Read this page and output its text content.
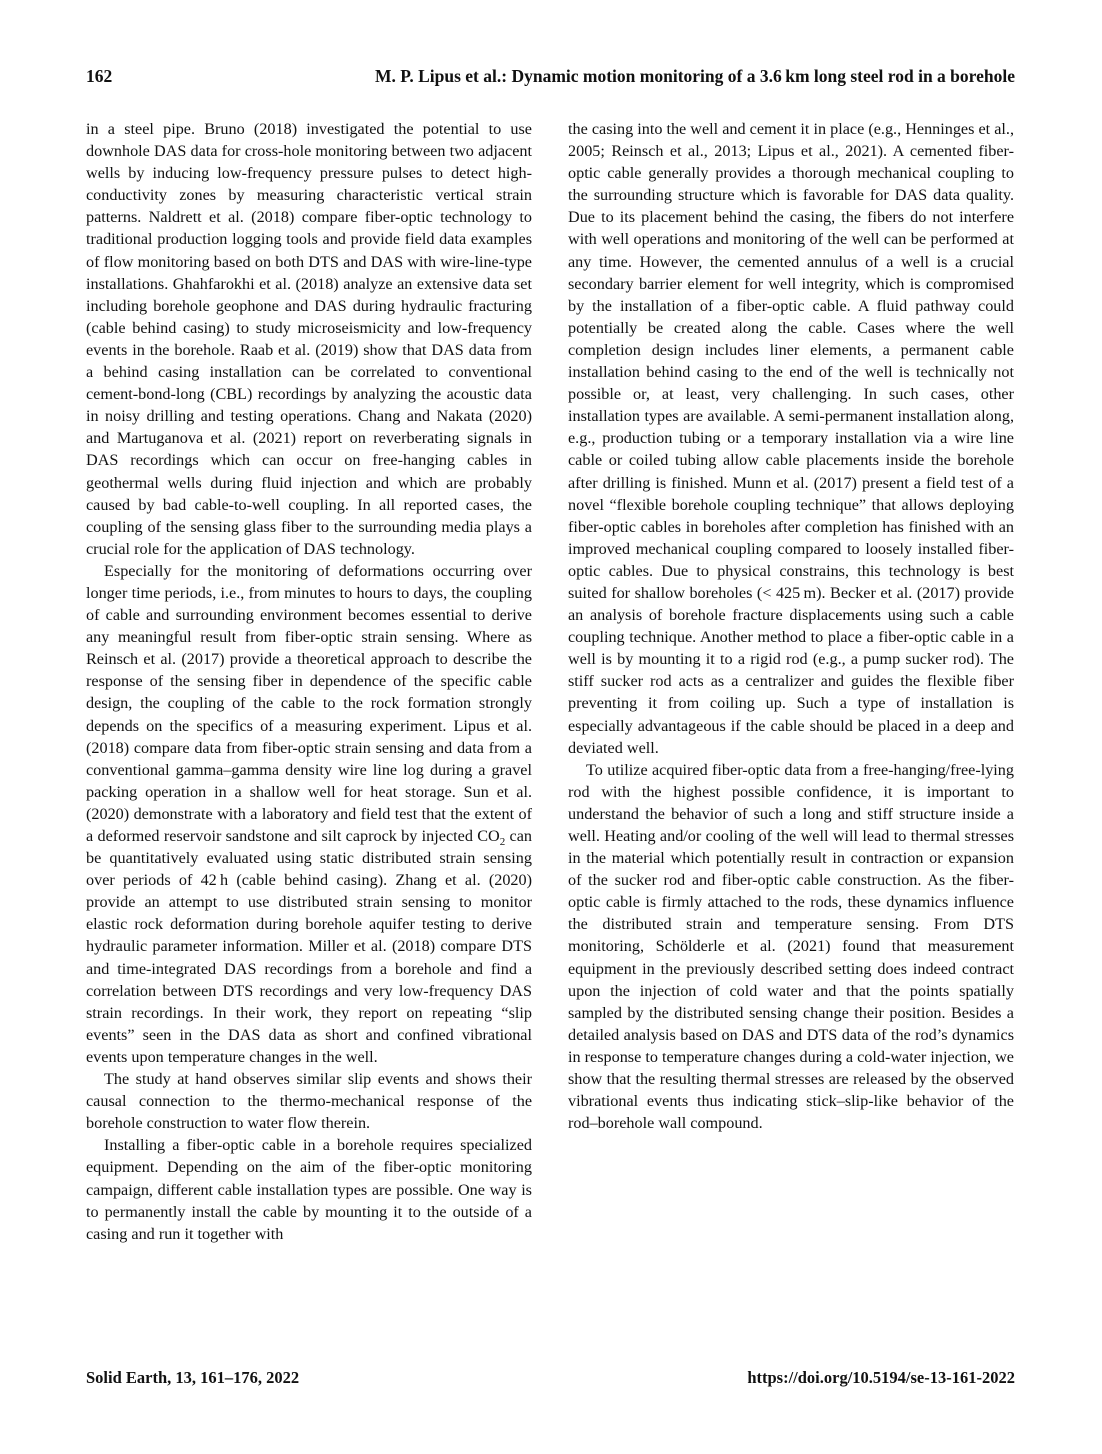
162	M. P. Lipus et al.: Dynamic motion monitoring of a 3.6 km long steel rod in a borehole

in a steel pipe. Bruno (2018) investigated the potential to use downhole DAS data for cross-hole monitoring between two adjacent wells by inducing low-frequency pressure pulses to detect high-conductivity zones by measuring characteristic vertical strain patterns. Naldrett et al. (2018) compare fiber-optic technology to traditional production logging tools and provide field data examples of flow monitoring based on both DTS and DAS with wire-line-type installations. Ghahfarokhi et al. (2018) analyze an extensive data set including borehole geophone and DAS during hydraulic fracturing (cable behind casing) to study microseismicity and low-frequency events in the borehole. Raab et al. (2019) show that DAS data from a behind casing installation can be correlated to conventional cement-bond-long (CBL) recordings by analyzing the acoustic data in noisy drilling and testing operations. Chang and Nakata (2020) and Martuganova et al. (2021) report on reverberating signals in DAS recordings which can occur on free-hanging cables in geothermal wells during fluid injection and which are probably caused by bad cable-to-well coupling. In all reported cases, the coupling of the sensing glass fiber to the surrounding media plays a crucial role for the application of DAS technology.

Especially for the monitoring of deformations occurring over longer time periods, i.e., from minutes to hours to days, the coupling of cable and surrounding environment becomes essential to derive any meaningful result from fiber-optic strain sensing. Where as Reinsch et al. (2017) provide a theoretical approach to describe the response of the sensing fiber in dependence of the specific cable design, the coupling of the cable to the rock formation strongly depends on the specifics of a measuring experiment. Lipus et al. (2018) compare data from fiber-optic strain sensing and data from a conventional gamma–gamma density wire line log during a gravel packing operation in a shallow well for heat storage. Sun et al. (2020) demonstrate with a laboratory and field test that the extent of a deformed reservoir sandstone and silt caprock by injected $CO_2$ can be quantitatively evaluated using static distributed strain sensing over periods of 42 h (cable behind casing). Zhang et al. (2020) provide an attempt to use distributed strain sensing to monitor elastic rock deformation during borehole aquifer testing to derive hydraulic parameter information. Miller et al. (2018) compare DTS and time-integrated DAS recordings from a borehole and find a correlation between DTS recordings and very low-frequency DAS strain recordings. In their work, they report on repeating “slip events” seen in the DAS data as short and confined vibrational events upon temperature changes in the well.

The study at hand observes similar slip events and shows their causal connection to the thermo-mechanical response of the borehole construction to water flow therein.

Installing a fiber-optic cable in a borehole requires specialized equipment. Depending on the aim of the fiber-optic monitoring campaign, different cable installation types are possible. One way is to permanently install the cable by mounting it to the outside of a casing and run it together with

the casing into the well and cement it in place (e.g., Henninges et al., 2005; Reinsch et al., 2013; Lipus et al., 2021). A cemented fiber-optic cable generally provides a thorough mechanical coupling to the surrounding structure which is favorable for DAS data quality. Due to its placement behind the casing, the fibers do not interfere with well operations and monitoring of the well can be performed at any time. However, the cemented annulus of a well is a crucial secondary barrier element for well integrity, which is compromised by the installation of a fiber-optic cable. A fluid pathway could potentially be created along the cable. Cases where the well completion design includes liner elements, a permanent cable installation behind casing to the end of the well is technically not possible or, at least, very challenging. In such cases, other installation types are available. A semi-permanent installation along, e.g., production tubing or a temporary installation via a wire line cable or coiled tubing allow cable placements inside the borehole after drilling is finished. Munn et al. (2017) present a field test of a novel “flexible borehole coupling technique” that allows deploying fiber-optic cables in boreholes after completion has finished with an improved mechanical coupling compared to loosely installed fiber-optic cables. Due to physical constrains, this technology is best suited for shallow boreholes (< 425 m). Becker et al. (2017) provide an analysis of borehole fracture displacements using such a cable coupling technique. Another method to place a fiber-optic cable in a well is by mounting it to a rigid rod (e.g., a pump sucker rod). The stiff sucker rod acts as a centralizer and guides the flexible fiber preventing it from coiling up. Such a type of installation is especially advantageous if the cable should be placed in a deep and deviated well.

To utilize acquired fiber-optic data from a free-hanging/free-lying rod with the highest possible confidence, it is important to understand the behavior of such a long and stiff structure inside a well. Heating and/or cooling of the well will lead to thermal stresses in the material which potentially result in contraction or expansion of the sucker rod and fiber-optic cable construction. As the fiber-optic cable is firmly attached to the rods, these dynamics influence the distributed strain and temperature sensing. From DTS monitoring, Schölderle et al. (2021) found that measurement equipment in the previously described setting does indeed contract upon the injection of cold water and that the points spatially sampled by the distributed sensing change their position. Besides a detailed analysis based on DAS and DTS data of the rod’s dynamics in response to temperature changes during a cold-water injection, we show that the resulting thermal stresses are released by the observed vibrational events thus indicating stick–slip-like behavior of the rod–borehole wall compound.

Solid Earth, 13, 161–176, 2022	https://doi.org/10.5194/se-13-161-2022
